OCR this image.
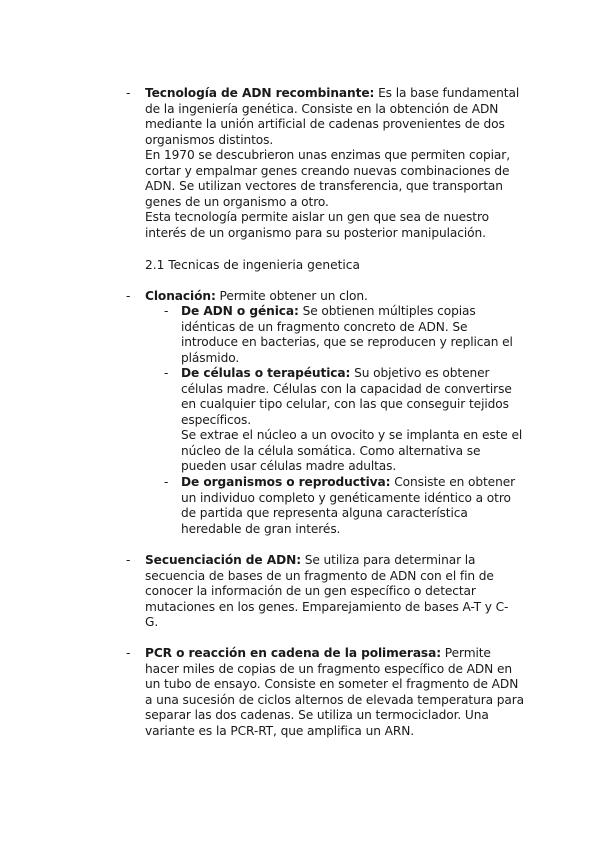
- Tecnología de ADN recombinante: Es la base fundamental de la ingeniería genética. Consiste en la obtención de ADN mediante la unión artificial de cadenas provenientes de dos organismos distintos.

En 1970 se descubrieron unas enzimas que permiten copiar, cortar y empalmar genes creando nuevas combinaciones de ADN. Se utilizan vectores de transferencia, que transportan genes de un organismo a otro.

Esta tecnología permite aislar un gen que sea de nuestro interés de un organismo para su posterior manipulación.

2.1 Tecnicas de ingenieria genetica
- Clonación: Permite obtener un clon.

- De ADN o génica: Se obtienen múltiples copias idénticas de un fragmento concreto de ADN. Se introduce en bacterias, que se reproducen y replican el plásmido.

- De células o terapéutica: Su objetivo es obtener células madre. Células con la capacidad de convertirse en cualquier tipo celular, con las que conseguir tejidos específicos.

Se extrae el núcleo a un ovocito y se implanta en este el núcleo de la célula somática. Como alternativa se pueden usar células madre adultas.

- De organismos o reproductiva: Consiste en obtener un individuo completo y genéticamente idéntico a otro de partida que representa alguna característica heredable de gran interés.

- Secuenciación de ADN: Se utiliza para determinar la secuencia de bases de un fragmento de ADN con el fin de conocer la información de un gen específico o detectar mutaciones en los genes. Emparejamiento de bases A-T y C-G.

- PCR o reacción en cadena de la polimerasa: Permite hacer miles de copias de un fragmento específico de ADN en un tubo de ensayo. Consiste en someter el fragmento de ADN a una sucesión de ciclos alternos de elevada temperatura para separar las dos cadenas. Se utiliza un termociclador. Una variante es la PCR-RT, que amplifica un ARN.
